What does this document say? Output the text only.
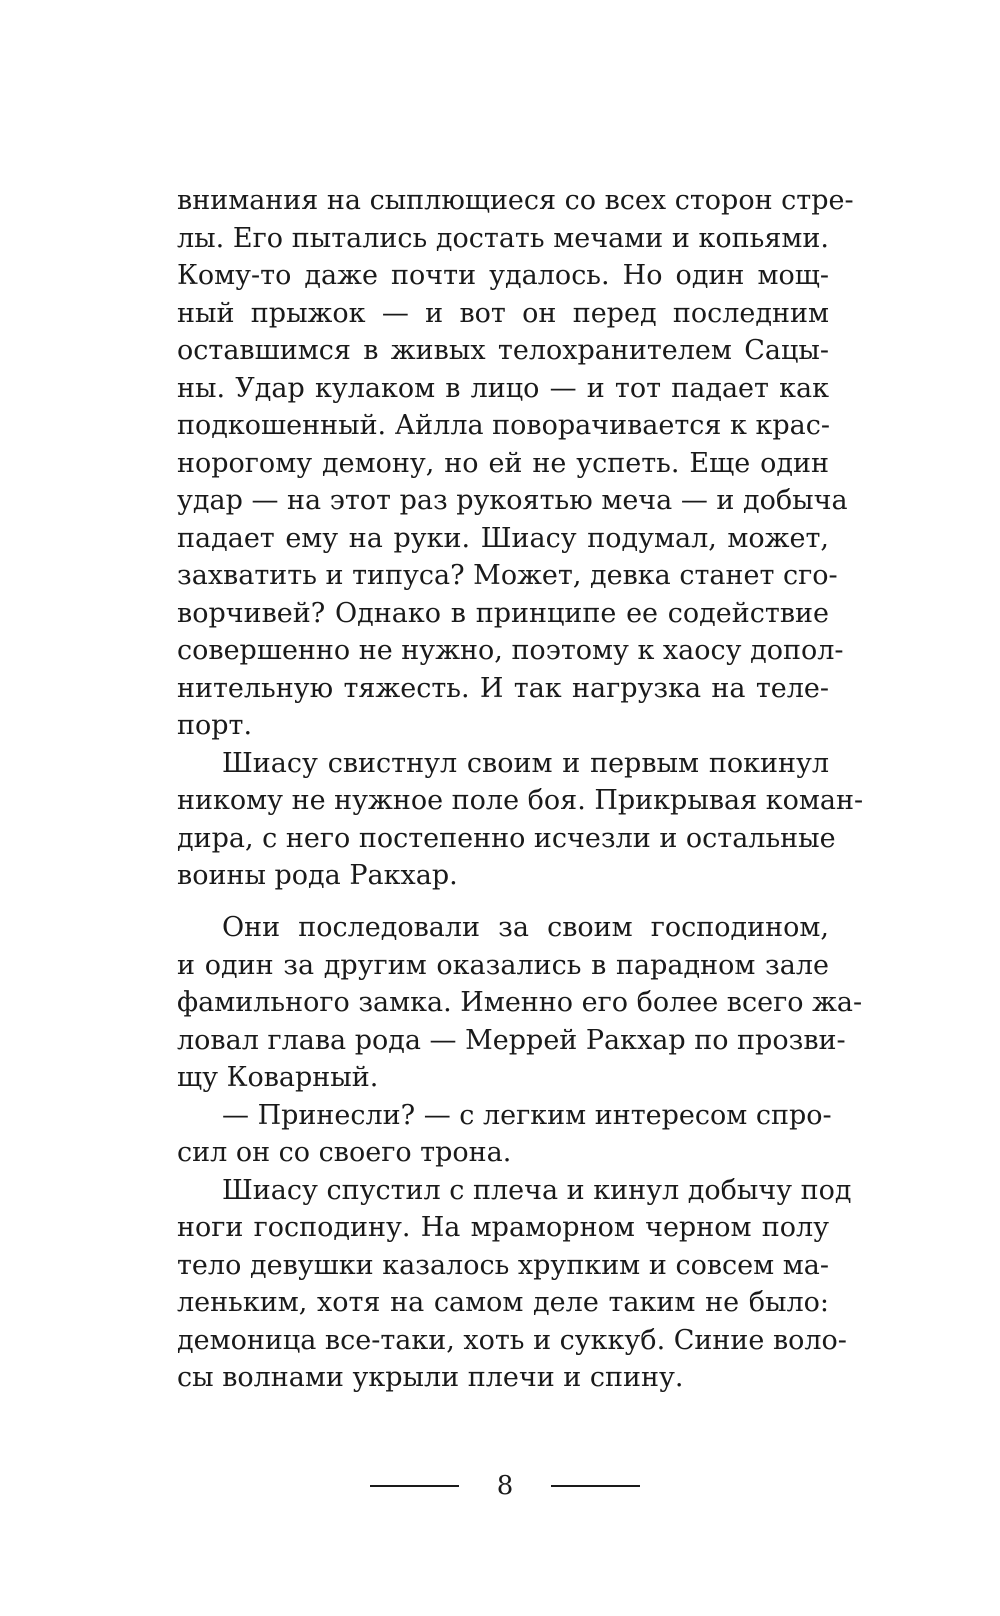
внимания на сыплющиеся со всех сторон стре-
лы. Его пытались достать мечами и копьями.
Кому-то даже почти удалось. Но один мощ-
ный прыжок — и вот он перед последним
оставшимся в живых телохранителем Сацы-
ны. Удар кулаком в лицо — и тот падает как
подкошенный. Айлла поворачивается к крас-
норогому демону, но ей не успеть. Еще один
удар — на этот раз рукоятью меча — и добыча
падает ему на руки. Шиасу подумал, может,
захватить и типуса? Может, девка станет сго-
ворчивей? Однако в принципе ее содействие
совершенно не нужно, поэтому к хаосу допол-
нительную тяжесть. И так нагрузка на теле-
порт.
Шиасу свистнул своим и первым покинул
никому не нужное поле боя. Прикрывая коман-
дира, с него постепенно исчезли и остальные
воины рода Ракхар.
Они последовали за своим господином,
и один за другим оказались в парадном зале
фамильного замка. Именно его более всего жа-
ловал глава рода — Меррей Ракхар по прозви-
щу Коварный.
— Принесли? — с легким интересом спро-
сил он со своего трона.
Шиасу спустил с плеча и кинул добычу под
ноги господину. На мраморном черном полу
тело девушки казалось хрупким и совсем ма-
леньким, хотя на самом деле таким не было:
демоница все-таки, хоть и суккуб. Синие воло-
сы волнами укрыли плечи и спину.
8
